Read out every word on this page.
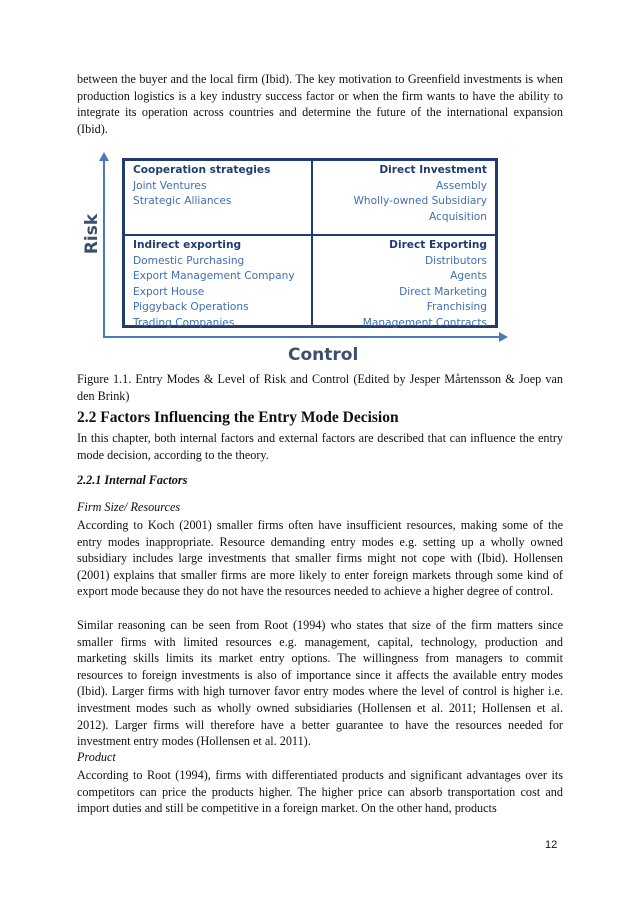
between the buyer and the local firm (Ibid). The key motivation to Greenfield investments is when production logistics is a key industry success factor or when the firm wants to have the ability to integrate its operation across countries and determine the future of the international expansion (Ibid).

Risk
Control
Cooperation strategies
Joint Ventures
Strategic Alliances
Direct Investment
Assembly
Wholly-owned Subsidiary
Acquisition
Indirect exporting
Domestic Purchasing
Export Management Company
Export House
Piggyback Operations
Trading Companies
Direct Exporting
Distributors
Agents
Direct Marketing
Franchising
Management Contracts

Figure 1.1. Entry Modes & Level of Risk and Control (Edited by Jesper Mårtensson & Joep van den Brink)

2.2 Factors Influencing the Entry Mode Decision

In this chapter, both internal factors and external factors are described that can influence the entry mode decision, according to the theory.

2.2.1 Internal Factors

Firm Size/ Resources

According to Koch (2001) smaller firms often have insufficient resources, making some of the entry modes inappropriate. Resource demanding entry modes e.g. setting up a wholly owned subsidiary includes large investments that smaller firms might not cope with (Ibid). Hollensen (2001) explains that smaller firms are more likely to enter foreign markets through some kind of export mode because they do not have the resources needed to achieve a higher degree of control.

Similar reasoning can be seen from Root (1994) who states that size of the firm matters since smaller firms with limited resources e.g. management, capital, technology, production and marketing skills limits its market entry options. The willingness from managers to commit resources to foreign investments is also of importance since it affects the available entry modes (Ibid). Larger firms with high turnover favor entry modes where the level of control is higher i.e. investment modes such as wholly owned subsidiaries (Hollensen et al. 2011; Hollensen et al. 2012). Larger firms will therefore have a better guarantee to have the resources needed for investment entry modes (Hollensen et al. 2011).

Product

According to Root (1994), firms with differentiated products and significant advantages over its competitors can price the products higher. The higher price can absorb transportation cost and import duties and still be competitive in a foreign market. On the other hand, products

12
